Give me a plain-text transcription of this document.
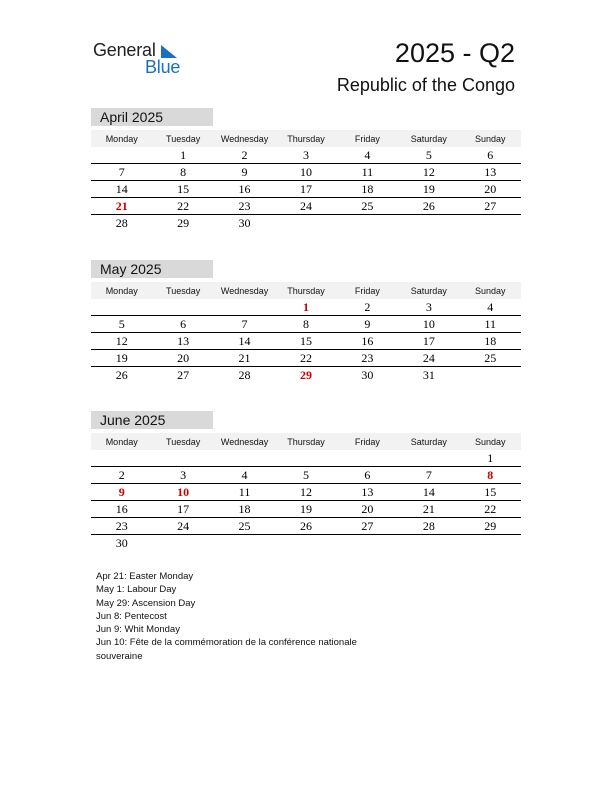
General
Blue	2025 - Q2
Republic of the Congo
April 2025
Monday	Tuesday	Wednesday	Thursday	Friday	Saturday	Sunday
	1	2	3	4	5	6
7	8	9	10	11	12	13
14	15	16	17	18	19	20
21	22	23	24	25	26	27
28	29	30				
May 2025
Monday	Tuesday	Wednesday	Thursday	Friday	Saturday	Sunday
			1	2	3	4
5	6	7	8	9	10	11
12	13	14	15	16	17	18
19	20	21	22	23	24	25
26	27	28	29	30	31	
June 2025
Monday	Tuesday	Wednesday	Thursday	Friday	Saturday	Sunday
						1
2	3	4	5	6	7	8
9	10	11	12	13	14	15
16	17	18	19	20	21	22
23	24	25	26	27	28	29
30						
Apr 21: Easter Monday
May 1: Labour Day
May 29: Ascension Day
Jun 8: Pentecost
Jun 9: Whit Monday
Jun 10: Fête de la commémoration de la conférence nationale souveraine
